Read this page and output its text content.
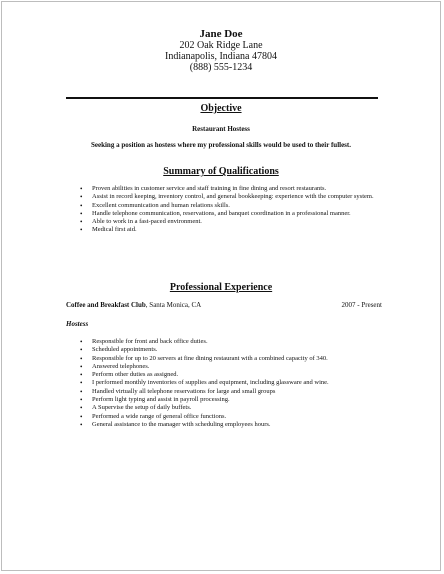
Jane Doe
202 Oak Ridge Lane
Indianapolis, Indiana 47804
(888) 555-1234
Objective
Restaurant Hostess
Seeking a position as hostess where my professional skills would be used to their fullest.
Summary of Qualifications
• Proven abilities in customer service and staff training in fine dining and resort restaurants.
• Assist in record keeping, inventory control, and general bookkeeping: experience with the computer system.
• Excellent communication and human relations skills.
• Handle telephone communication, reservations, and banquet coordination in a professional manner.
• Able to work in a fast-paced environment.
• Medical first aid.
Professional Experience
Coffee and Breakfast Club, Santa Monica, CA	2007 - Present
Hostess
• Responsible for front and back office duties.
• Scheduled appointments.
• Responsible for up to 20 servers at fine dining restaurant with a combined capacity of 340.
• Answered telephones.
• Perform other duties as assigned.
• I performed monthly inventories of supplies and equipment, including glassware and wine.
• Handled virtually all telephone reservations for large and small groups
• Perform light typing and assist in payroll processing.
• A Supervise the setup of daily buffets.
• Performed a wide range of general office functions.
• General assistance to the manager with scheduling employees hours.
